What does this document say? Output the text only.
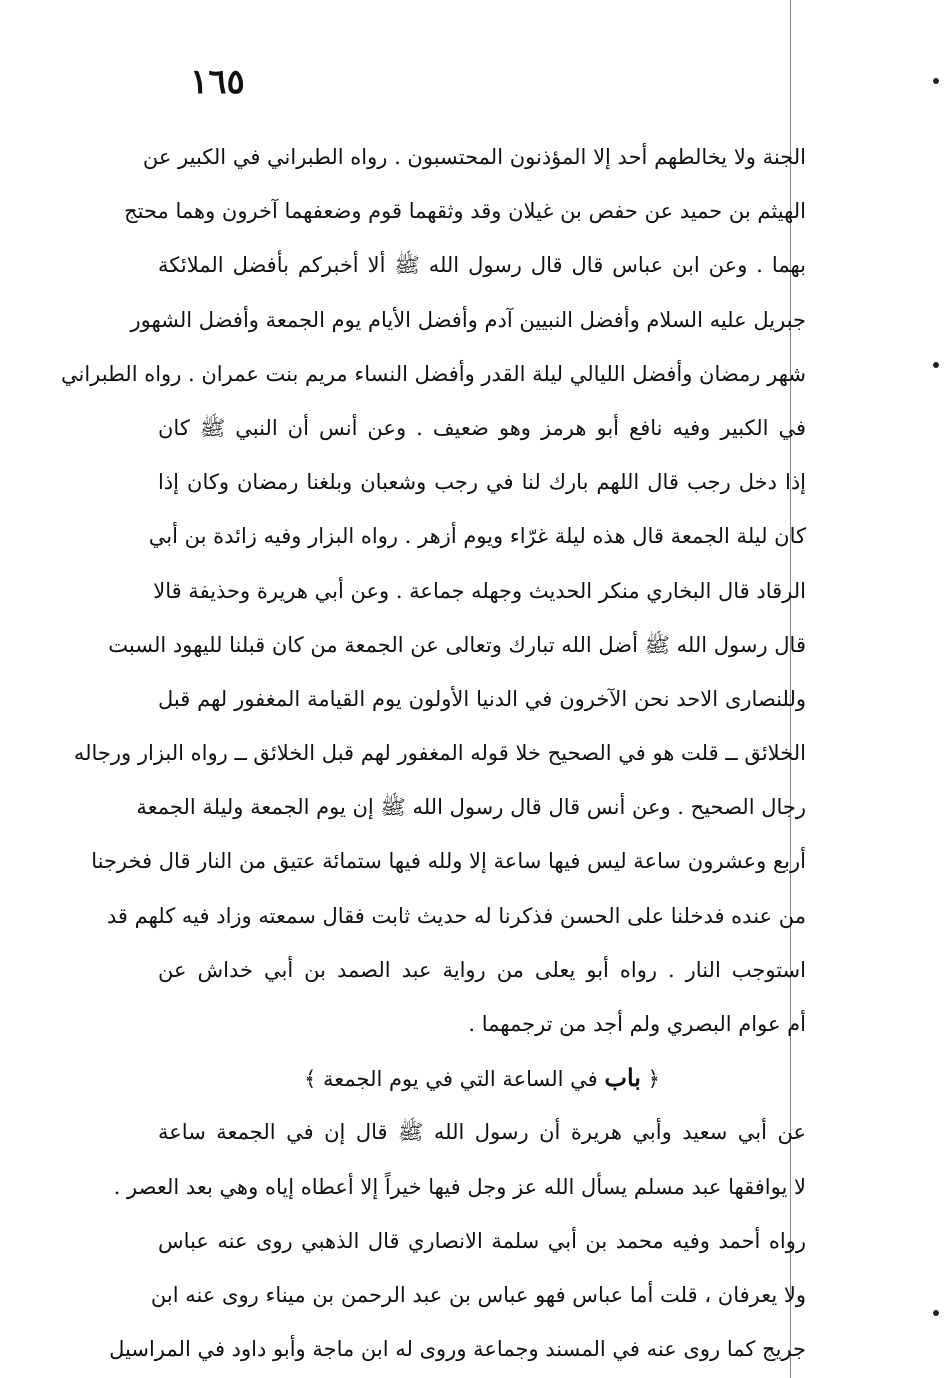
١٦٥
الجنة ولا يخالطهم أحد إلا المؤذنون المحتسبون . رواه الطبراني في الكبير عن
الهيثم بن حميد عن حفص بن غيلان وقد وثقهما قوم وضعفهما آخرون وهما محتج
بهما . وعن ابن عباس قال قال رسول الله ﷺ ألا أخبركم بأفضل الملائكة
جبريل عليه السلام وأفضل النبيين آدم وأفضل الأيام يوم الجمعة وأفضل الشهور
شهر رمضان وأفضل الليالي ليلة القدر وأفضل النساء مريم بنت عمران . رواه الطبراني
في الكبير وفيه نافع أبو هرمز وهو ضعيف . وعن أنس أن النبي ﷺ كان
إذا دخل رجب قال اللهم بارك لنا في رجب وشعبان وبلغنا رمضان وكان إذا
كان ليلة الجمعة قال هذه ليلة غرّاء ويوم أزهر . رواه البزار وفيه زائدة بن أبي
الرقاد قال البخاري منكر الحديث وجهله جماعة . وعن أبي هريرة وحذيفة قالا
قال رسول الله ﷺ أضل الله تبارك وتعالى عن الجمعة من كان قبلنا لليهود السبت
وللنصارى الاحد نحن الآخرون في الدنيا الأولون يوم القيامة المغفور لهم قبل
الخلائق ــ قلت هو في الصحيح خلا قوله المغفور لهم قبل الخلائق ــ رواه البزار ورجاله
رجال الصحيح . وعن أنس قال قال رسول الله ﷺ إن يوم الجمعة وليلة الجمعة
أربع وعشرون ساعة ليس فيها ساعة إلا ولله فيها ستمائة عتيق من النار قال فخرجنا
من عنده فدخلنا على الحسن فذكرنا له حديث ثابت فقال سمعته وزاد فيه كلهم قد
استوجب النار . رواه أبو يعلى من رواية عبد الصمد بن أبي خداش عن
أم عوام البصري ولم أجد من ترجمهما .
﴿ باب في الساعة التي في يوم الجمعة ﴾
عن أبي سعيد وأبي هريرة أن رسول الله ﷺ قال إن في الجمعة ساعة
لا يوافقها عبد مسلم يسأل الله عز وجل فيها خيراً إلا أعطاه إياه وهي بعد العصر .
رواه أحمد وفيه محمد بن أبي سلمة الانصاري قال الذهبي روى عنه عباس
ولا يعرفان ، قلت أما عباس فهو عباس بن عبد الرحمن بن ميناء روى عنه ابن
جريج كما روى عنه في المسند وجماعة وروى له ابن ماجة وأبو داود في المراسيل
